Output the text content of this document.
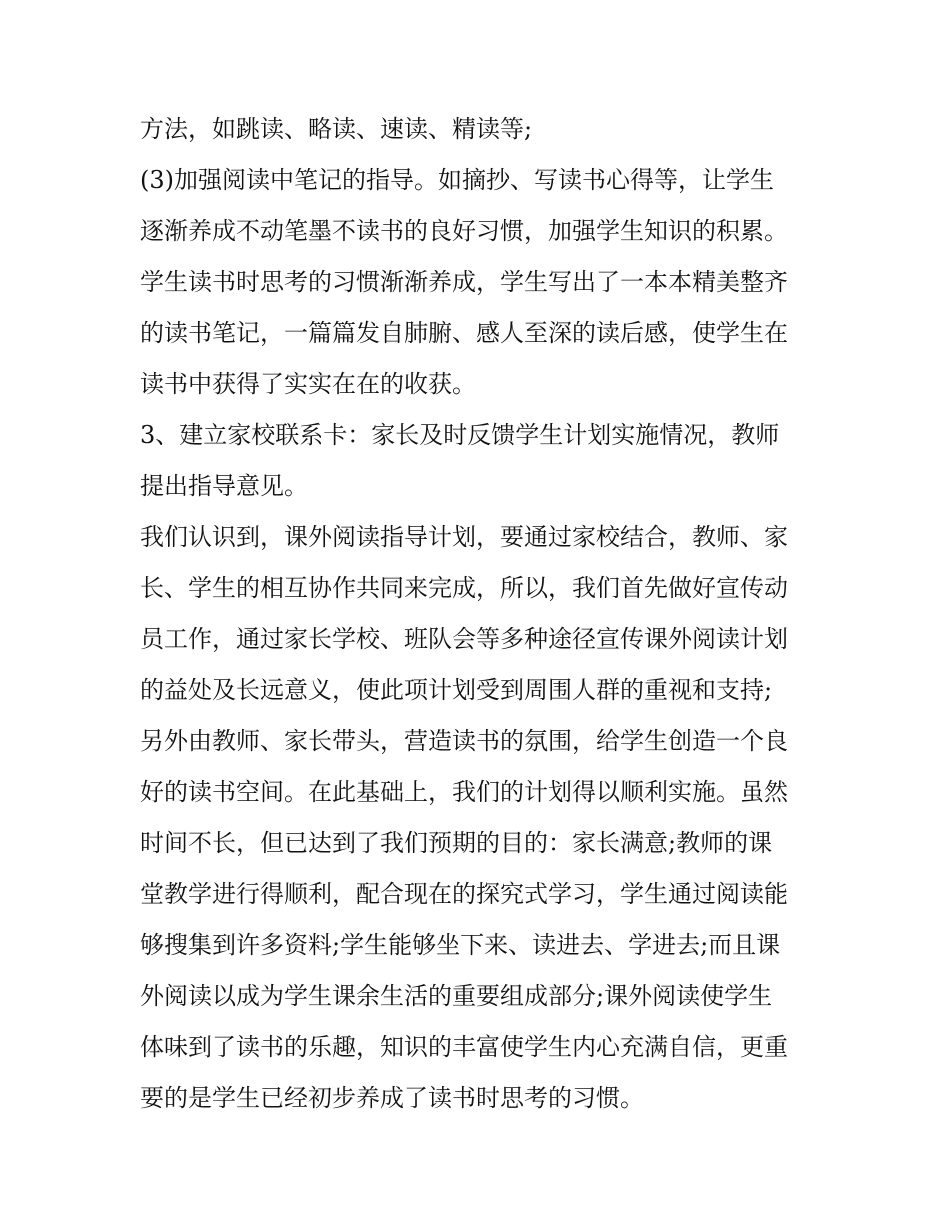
方法，如跳读、略读、速读、精读等;
(3)加强阅读中笔记的指导。如摘抄、写读书心得等，让学生
逐渐养成不动笔墨不读书的良好习惯，加强学生知识的积累。
学生读书时思考的习惯渐渐养成，学生写出了一本本精美整齐
的读书笔记，一篇篇发自肺腑、感人至深的读后感，使学生在
读书中获得了实实在在的收获。
3、建立家校联系卡：家长及时反馈学生计划实施情况，教师
提出指导意见。
我们认识到，课外阅读指导计划，要通过家校结合，教师、家
长、学生的相互协作共同来完成，所以，我们首先做好宣传动
员工作，通过家长学校、班队会等多种途径宣传课外阅读计划
的益处及长远意义，使此项计划受到周围人群的重视和支持;
另外由教师、家长带头，营造读书的氛围，给学生创造一个良
好的读书空间。在此基础上，我们的计划得以顺利实施。虽然
时间不长，但已达到了我们预期的目的：家长满意;教师的课
堂教学进行得顺利，配合现在的探究式学习，学生通过阅读能
够搜集到许多资料;学生能够坐下来、读进去、学进去;而且课
外阅读以成为学生课余生活的重要组成部分;课外阅读使学生
体味到了读书的乐趣，知识的丰富使学生内心充满自信，更重
要的是学生已经初步养成了读书时思考的习惯。
